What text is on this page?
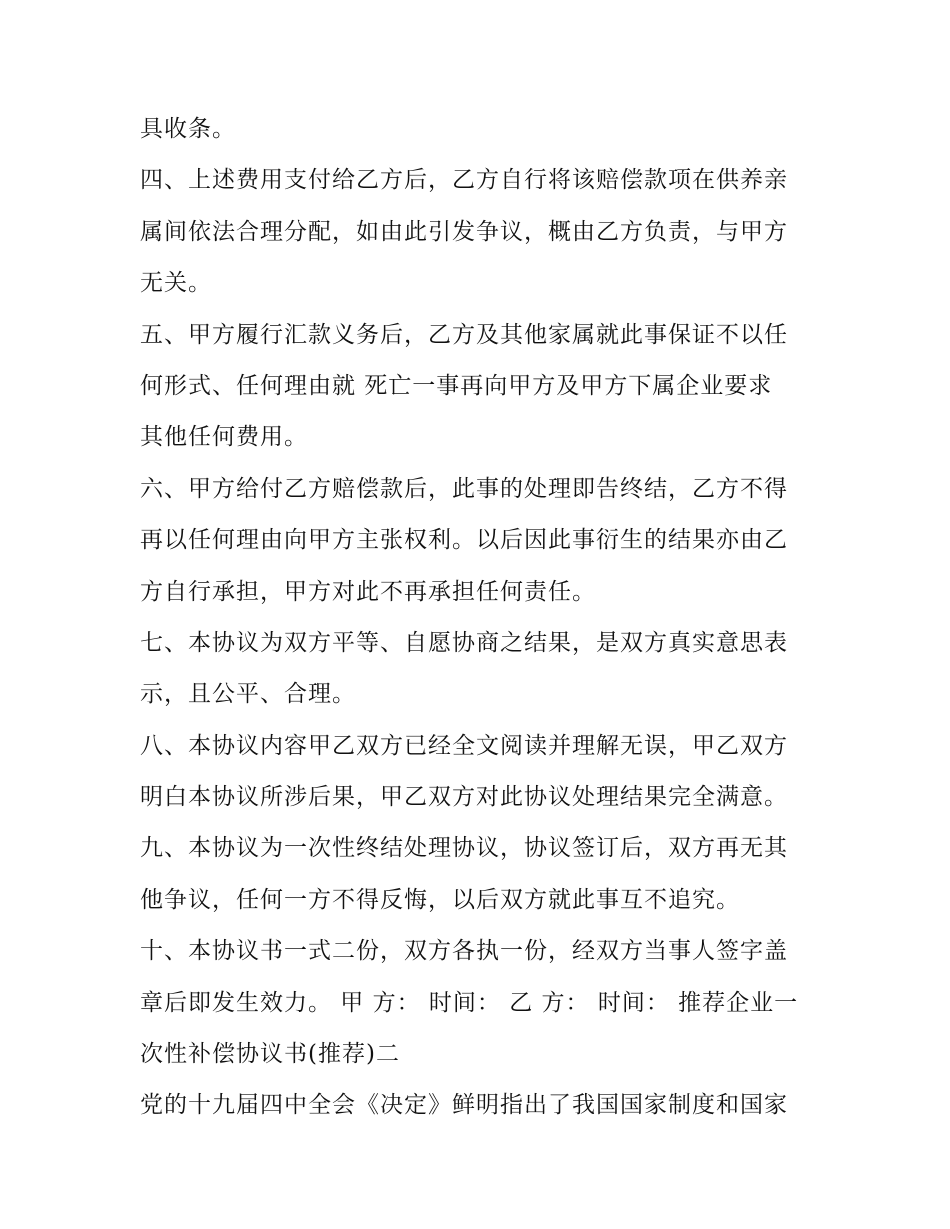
具收条。
四、上述费用支付给乙方后，乙方自行将该赔偿款项在供养亲
属间依法合理分配，如由此引发争议，概由乙方负责，与甲方
无关。
五、甲方履行汇款义务后，乙方及其他家属就此事保证不以任
何形式、任何理由就 死亡一事再向甲方及甲方下属企业要求
其他任何费用。
六、甲方给付乙方赔偿款后，此事的处理即告终结，乙方不得
再以任何理由向甲方主张权利。以后因此事衍生的结果亦由乙
方自行承担，甲方对此不再承担任何责任。
七、本协议为双方平等、自愿协商之结果，是双方真实意思表
示，且公平、合理。
八、本协议内容甲乙双方已经全文阅读并理解无误，甲乙双方
明白本协议所涉后果，甲乙双方对此协议处理结果完全满意。
九、本协议为一次性终结处理协议，协议签订后，双方再无其
他争议，任何一方不得反悔，以后双方就此事互不追究。
十、本协议书一式二份，双方各执一份，经双方当事人签字盖
章后即发生效力。 甲 方： 时间： 乙 方： 时间： 推荐企业一
次性补偿协议书(推荐)二
党的十九届四中全会《决定》鲜明指出了我国国家制度和国家
